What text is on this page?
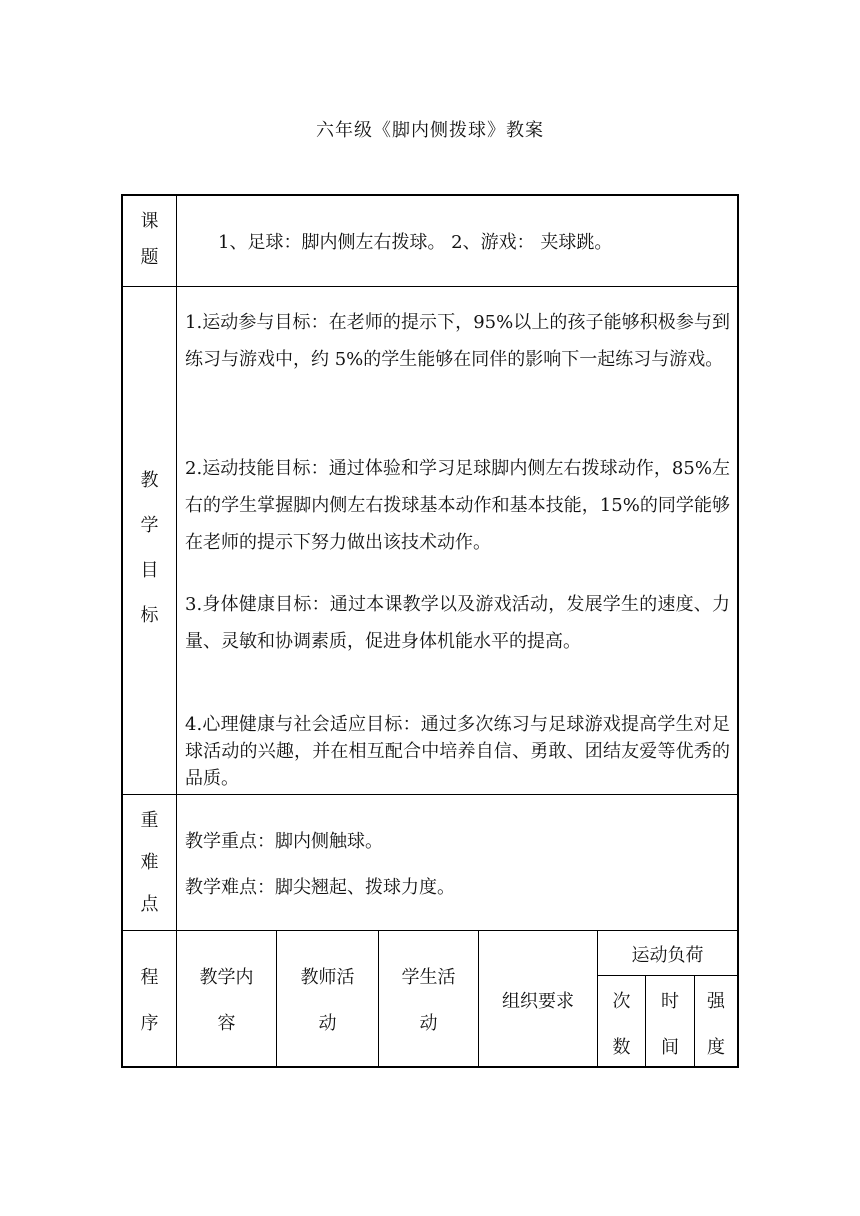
六年级《脚内侧拨球》教案
课
题
1、足球：脚内侧左右拨球。 2、游戏： 夹球跳。
教
学
目
标
1.运动参与目标：在老师的提示下，95%以上的孩子能够积极参与到练习与游戏中，约 5%的学生能够在同伴的影响下一起练习与游戏。
2.运动技能目标：通过体验和学习足球脚内侧左右拨球动作，85%左右的学生掌握脚内侧左右拨球基本动作和基本技能，15%的同学能够在老师的提示下努力做出该技术动作。
3.身体健康目标：通过本课教学以及游戏活动，发展学生的速度、力量、灵敏和协调素质，促进身体机能水平的提高。
4.心理健康与社会适应目标：通过多次练习与足球游戏提高学生对足球活动的兴趣，并在相互配合中培养自信、勇敢、团结友爱等优秀的品质。
重
难
点
教学重点：脚内侧触球。
教学难点：脚尖翘起、拨球力度。
程
序
教学内
容
教师活
动
学生活
动
组织要求
运动负荷
次
数
时
间
强
度
